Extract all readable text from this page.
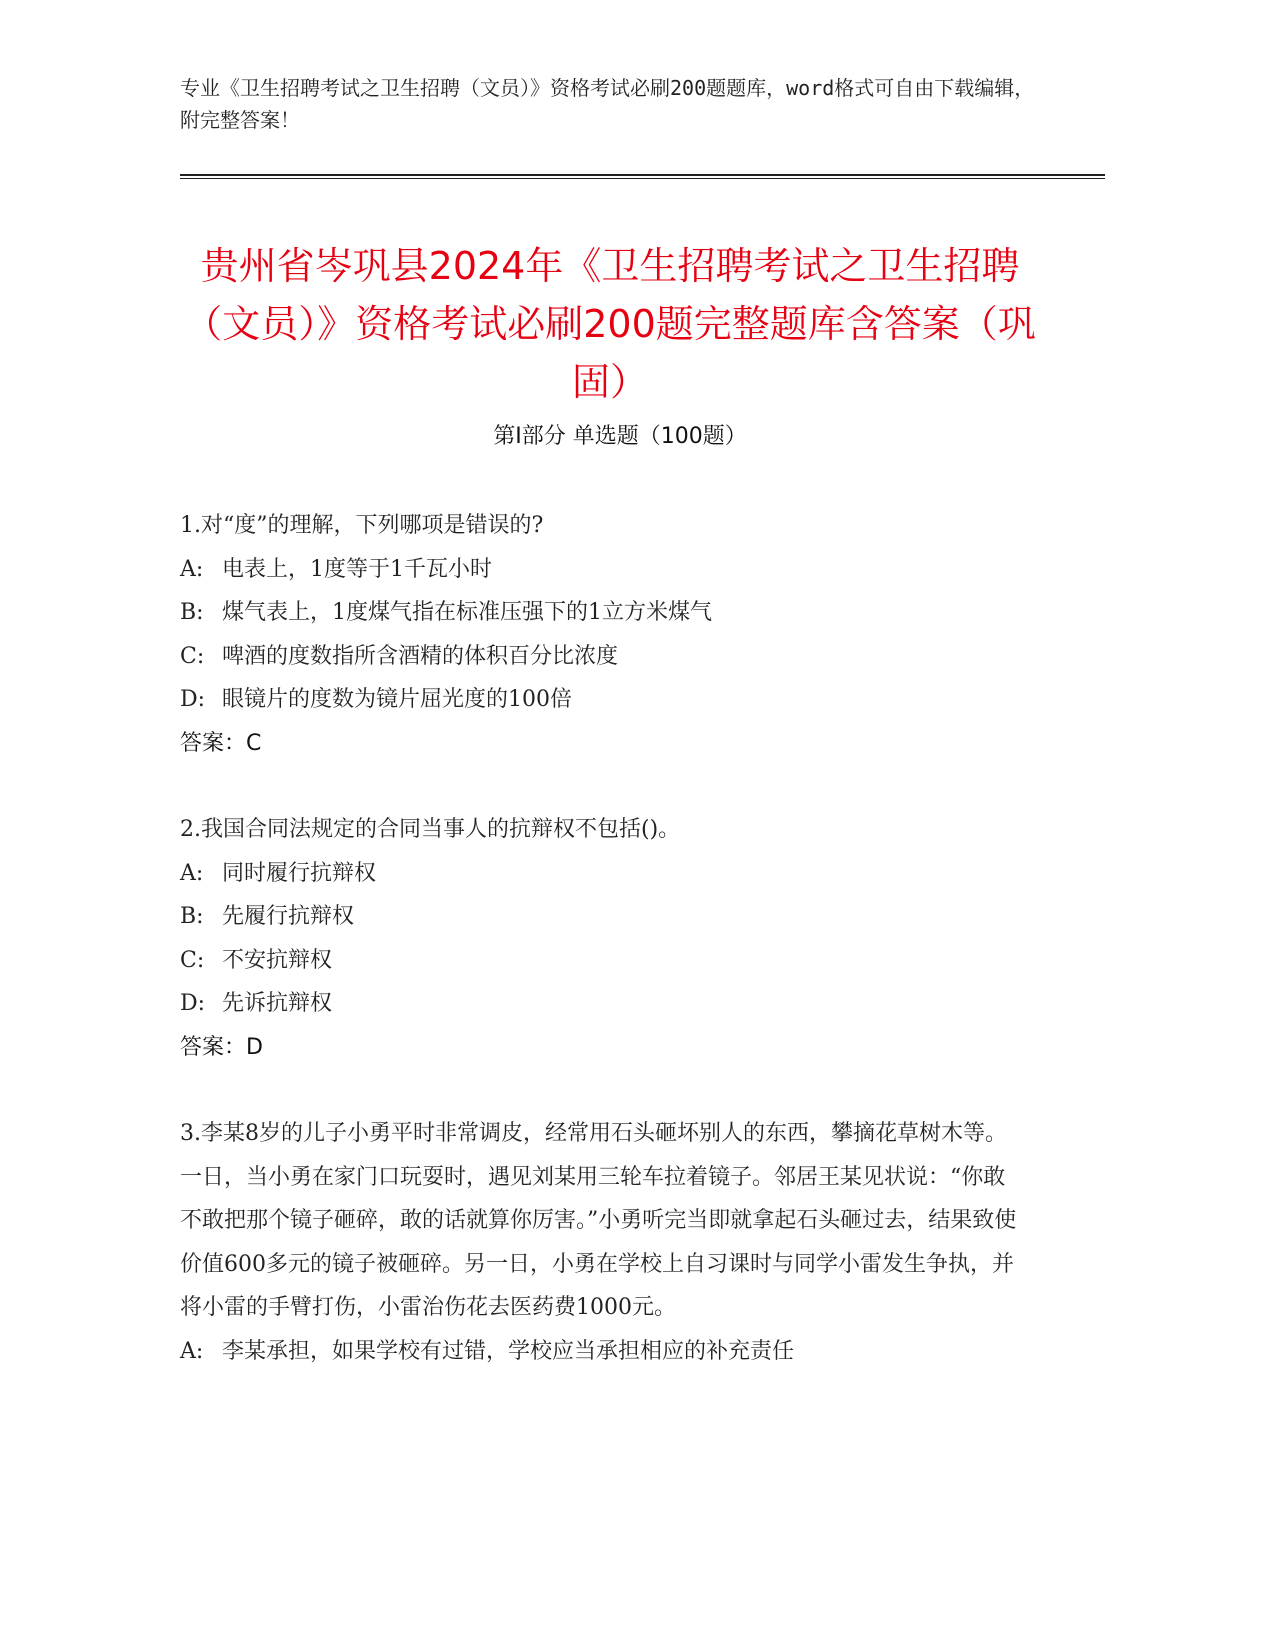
专业《卫生招聘考试之卫生招聘（文员）》资格考试必刷200题题库，word格式可自由下载编辑，附完整答案！
贵州省岑巩县2024年《卫生招聘考试之卫生招聘（文员）》资格考试必刷200题完整题库含答案（巩固）
第Ⅰ部分 单选题（100题）

1.对“度”的理解，下列哪项是错误的?

A: 电表上，1度等于1千瓦小时

B: 煤气表上，1度煤气指在标准压强下的1立方米煤气

C: 啤酒的度数指所含酒精的体积百分比浓度

D: 眼镜片的度数为镜片屈光度的100倍

答案：C

2.我国合同法规定的合同当事人的抗辩权不包括()。

A: 同时履行抗辩权

B: 先履行抗辩权

C: 不安抗辩权

D: 先诉抗辩权

答案：D

3.李某8岁的儿子小勇平时非常调皮，经常用石头砸坏别人的东西，攀摘花草树木等。一日，当小勇在家门口玩耍时，遇见刘某用三轮车拉着镜子。邻居王某见状说：“你敢不敢把那个镜子砸碎，敢的话就算你厉害。”小勇听完当即就拿起石头砸过去，结果致使价值600多元的镜子被砸碎。另一日，小勇在学校上自习课时与同学小雷发生争执，并将小雷的手臂打伤，小雷治伤花去医药费1000元。

A: 李某承担，如果学校有过错，学校应当承担相应的补充责任
